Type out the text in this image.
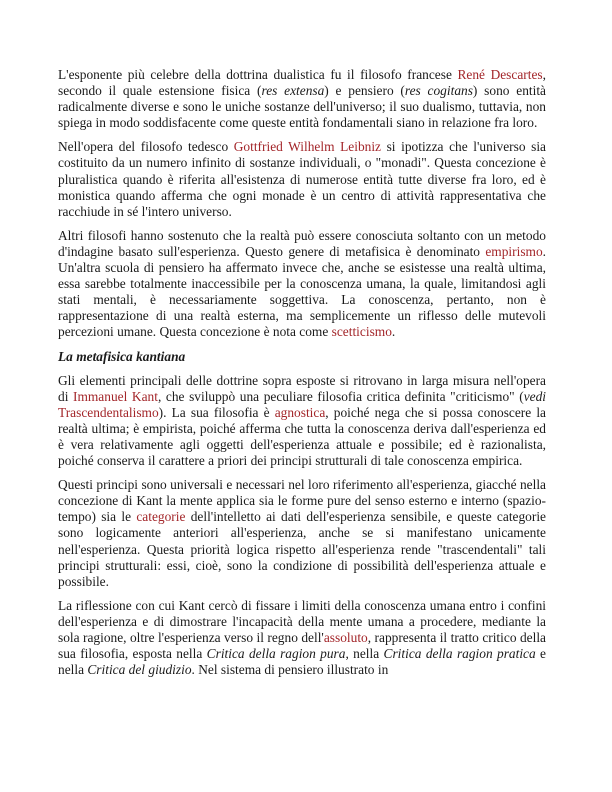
L'esponente più celebre della dottrina dualistica fu il filosofo francese René Descartes, secondo il quale estensione fisica (res extensa) e pensiero (res cogitans) sono entità radicalmente diverse e sono le uniche sostanze dell'universo; il suo dualismo, tuttavia, non spiega in modo soddisfacente come queste entità fondamentali siano in relazione fra loro.

Nell'opera del filosofo tedesco Gottfried Wilhelm Leibniz si ipotizza che l'universo sia costituito da un numero infinito di sostanze individuali, o "monadi". Questa concezione è pluralistica quando è riferita all'esistenza di numerose entità tutte diverse fra loro, ed è monistica quando afferma che ogni monade è un centro di attività rappresentativa che racchiude in sé l'intero universo.

Altri filosofi hanno sostenuto che la realtà può essere conosciuta soltanto con un metodo d'indagine basato sull'esperienza. Questo genere di metafisica è denominato empirismo. Un'altra scuola di pensiero ha affermato invece che, anche se esistesse una realtà ultima, essa sarebbe totalmente inaccessibile per la conoscenza umana, la quale, limitandosi agli stati mentali, è necessariamente soggettiva. La conoscenza, pertanto, non è rappresentazione di una realtà esterna, ma semplicemente un riflesso delle mutevoli percezioni umane. Questa concezione è nota come scetticismo.

La metafisica kantiana

Gli elementi principali delle dottrine sopra esposte si ritrovano in larga misura nell'opera di Immanuel Kant, che sviluppò una peculiare filosofia critica definita "criticismo" (vedi Trascendentalismo). La sua filosofia è agnostica, poiché nega che si possa conoscere la realtà ultima; è empirista, poiché afferma che tutta la conoscenza deriva dall'esperienza ed è vera relativamente agli oggetti dell'esperienza attuale e possibile; ed è razionalista, poiché conserva il carattere a priori dei principi strutturali di tale conoscenza empirica.

Questi principi sono universali e necessari nel loro riferimento all'esperienza, giacché nella concezione di Kant la mente applica sia le forme pure del senso esterno e interno (spazio-tempo) sia le categorie dell'intelletto ai dati dell'esperienza sensibile, e queste categorie sono logicamente anteriori all'esperienza, anche se si manifestano unicamente nell'esperienza. Questa priorità logica rispetto all'esperienza rende "trascendentali" tali principi strutturali: essi, cioè, sono la condizione di possibilità dell'esperienza attuale e possibile.

La riflessione con cui Kant cercò di fissare i limiti della conoscenza umana entro i confini dell'esperienza e di dimostrare l'incapacità della mente umana a procedere, mediante la sola ragione, oltre l'esperienza verso il regno dell'assoluto, rappresenta il tratto critico della sua filosofia, esposta nella Critica della ragion pura, nella Critica della ragion pratica e nella Critica del giudizio. Nel sistema di pensiero illustrato in
